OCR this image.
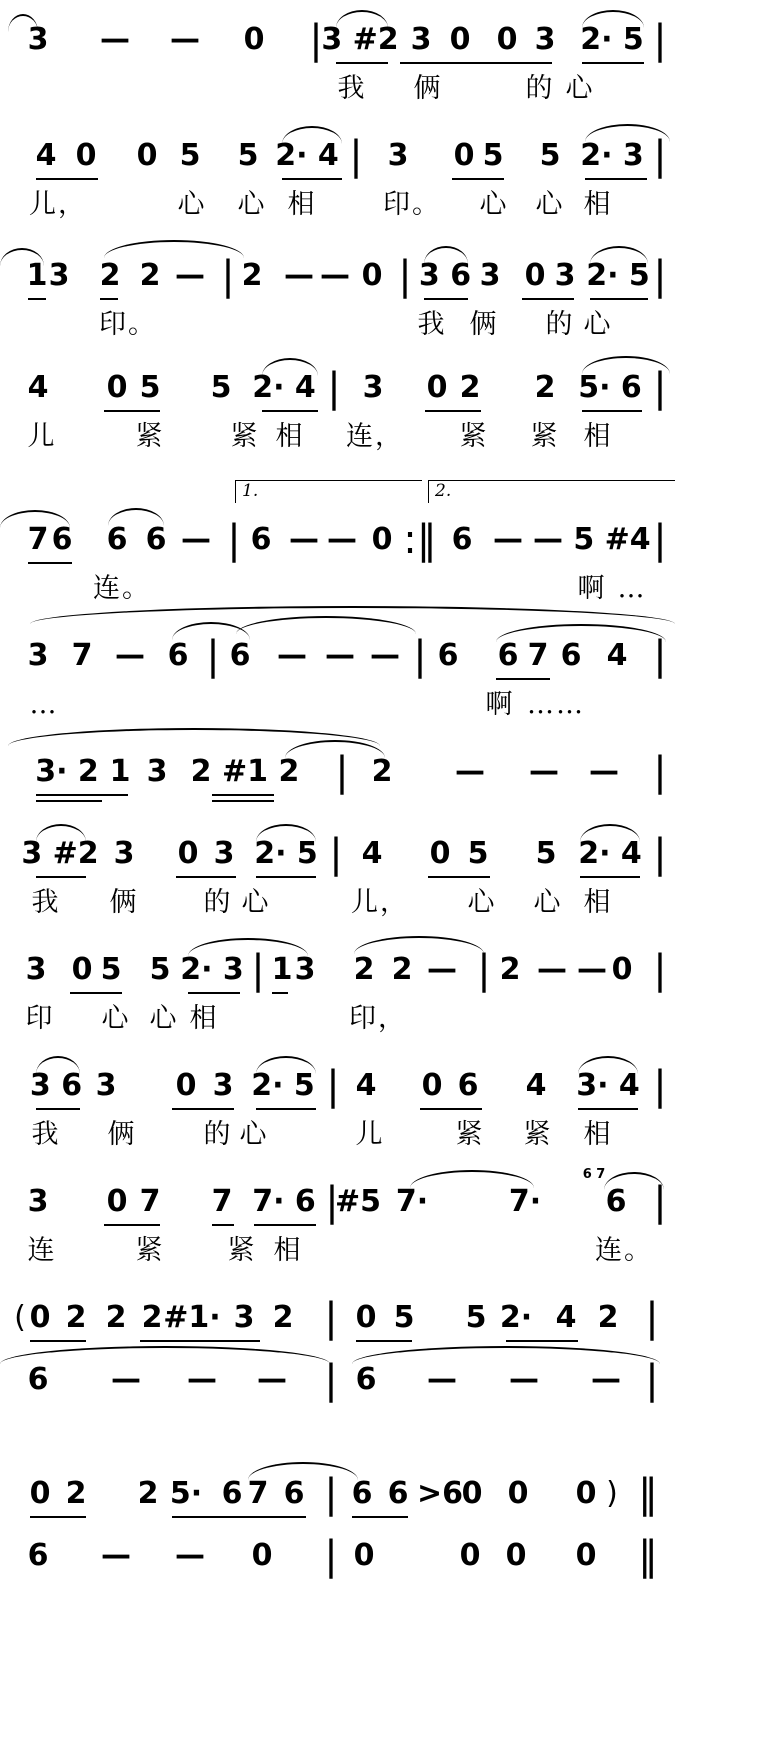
3 — — 0 |
3 #2 3 0 0 3 2· 5 |
我 俩	的 心
4 0 0 5 5 2· 4 | 3 0 5 5 2· 3 |
儿，	心 心 相 印。 心 心 相
1 3 2 2 — | 2 — — 0 | 3 6 3 0 3 2· 5 |
印。	我 俩 的 心
4 0 5 5 2· 4 | 3 0 2 2 5· 6 |
儿	紧 紧 相 连， 紧 紧 相
1.	2.
7 6 6 6 — | 6 — — 0 :‖ 6 — — 5 #4 |
连。	啊 …
3 7 — 6 | 6 — — — | 6 6 7 6 4 |
…	啊 ……
3· 2 1 3 2 #1 2 | 2 — — — |
3 #2 3 0 3 2· 5 | 4 0 5 5 2· 4 |
我 俩 的 心	儿， 心 心 相
3 0 5 5 2· 3 | 1 3 2 2 — | 2 — — 0 |
印 心 心 相	印，
3 6 3 0 3 2· 5 | 4 0 6 4 3· 4 |
我 俩 的 心	儿	紧 紧 相
3 0 7 7 7· 6 |
#5 7·	7·
6 7
6 |
连	紧 紧 相	连。
( 0 2 2 2 #1· 3 2 | 0 5 5 2· 4 2 |
6 — — — | 6 — — — |
0 2 2 5· 6 7 6 | 6 6 >6
0 0 0 ) ‖
6 — — 0 | 0	0 0 0 ‖
